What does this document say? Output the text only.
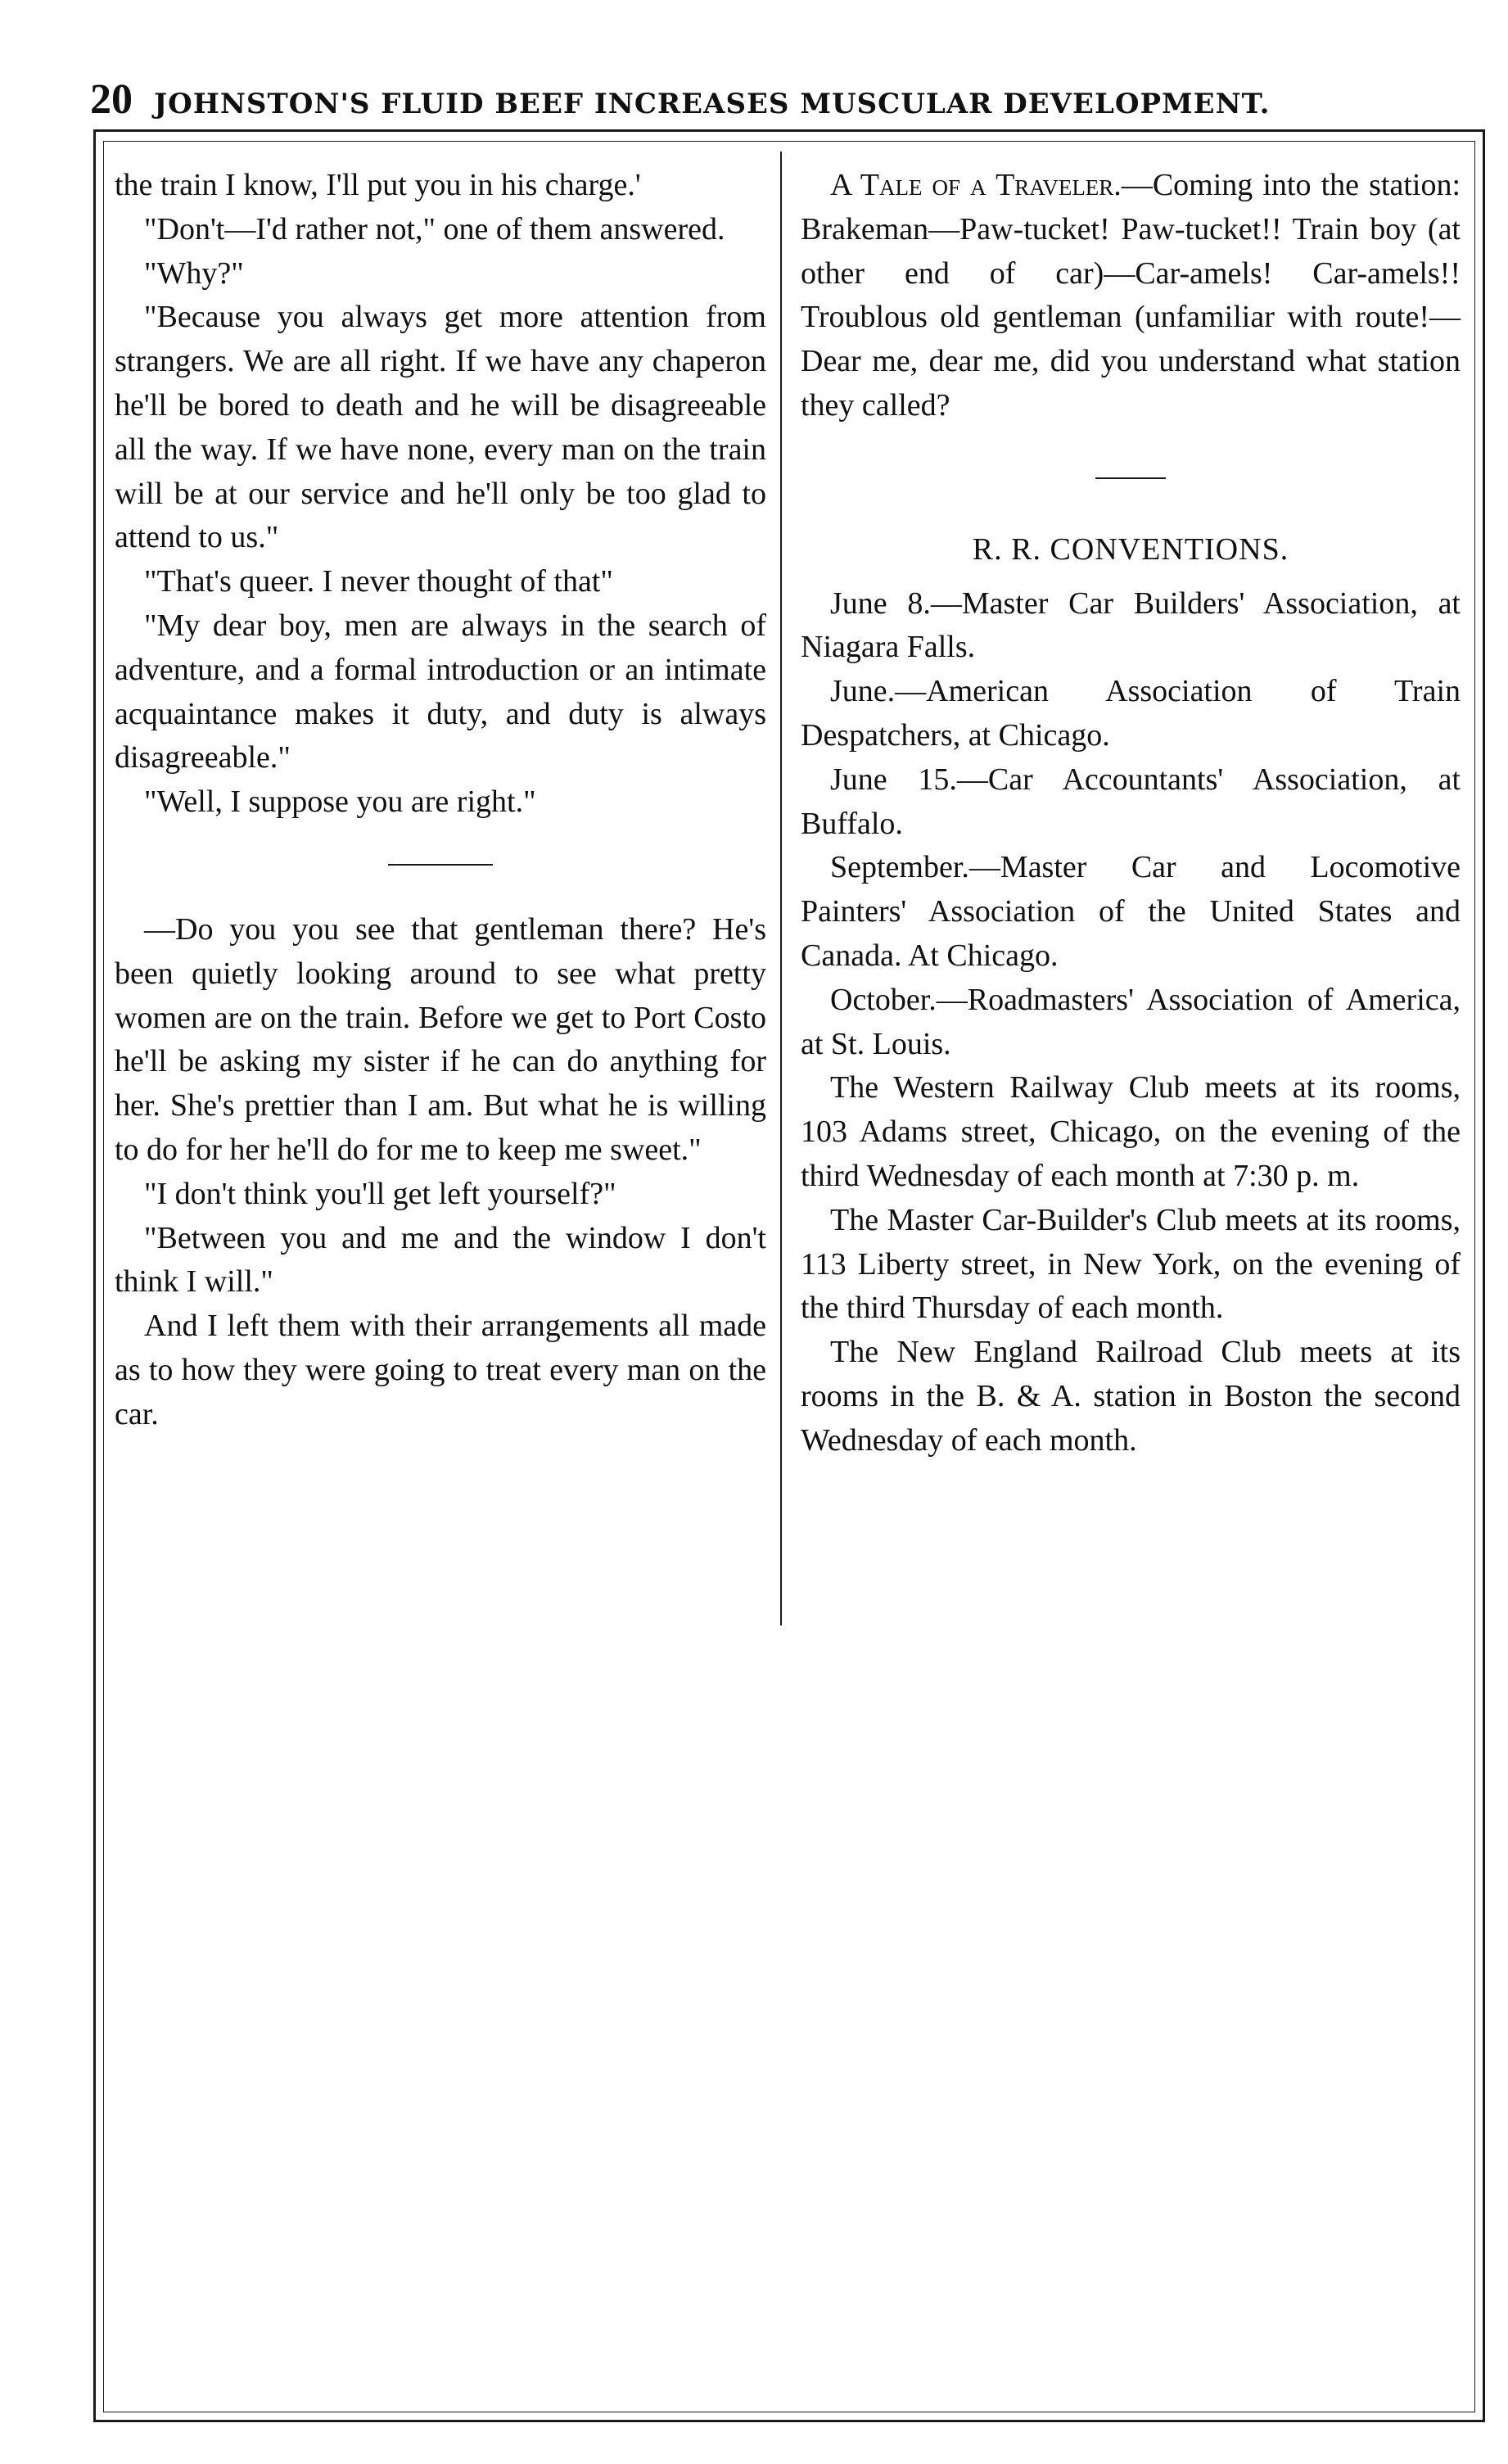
20 JOHNSTON'S FLUID BEEF INCREASES MUSCULAR DEVELOPMENT.

the train I know, I'll put you in his charge.'

"Don't—I'd rather not," one of them answered.

"Why?"

"Because you always get more attention from strangers. We are all right. If we have any chaperon he'll be bored to death and he will be disagreeable all the way. If we have none, every man on the train will be at our service and he'll only be too glad to attend to us."

"That's queer. I never thought of that"

"My dear boy, men are always in the search of adventure, and a formal introduction or an intimate acquaintance makes it duty, and duty is always disagreeable."

"Well, I suppose you are right."

—Do you you see that gentleman there? He's been quietly looking around to see what pretty women are on the train. Before we get to Port Costo he'll be asking my sister if he can do anything for her. She's prettier than I am. But what he is willing to do for her he'll do for me to keep me sweet."

"I don't think you'll get left yourself?"

"Between you and me and the window I don't think I will."

And I left them with their arrangements all made as to how they were going to treat every man on the car.

A Tale of a Traveler.—Coming into the station: Brakeman—Paw-tucket! Paw-tucket!! Train boy (at other end of car)—Car-amels! Car-amels!! Troublous old gentleman (unfamiliar with route!—Dear me, dear me, did you understand what station they called?

R. R. CONVENTIONS.

June 8.—Master Car Builders' Association, at Niagara Falls.

June.—American Association of Train Despatchers, at Chicago.

June 15.—Car Accountants' Association, at Buffalo.

September.—Master Car and Locomotive Painters' Association of the United States and Canada. At Chicago.

October.—Roadmasters' Association of America, at St. Louis.

The Western Railway Club meets at its rooms, 103 Adams street, Chicago, on the evening of the third Wednesday of each month at 7:30 p. m.

The Master Car-Builder's Club meets at its rooms, 113 Liberty street, in New York, on the evening of the third Thursday of each month.

The New England Railroad Club meets at its rooms in the B. & A. station in Boston the second Wednesday of each month.
